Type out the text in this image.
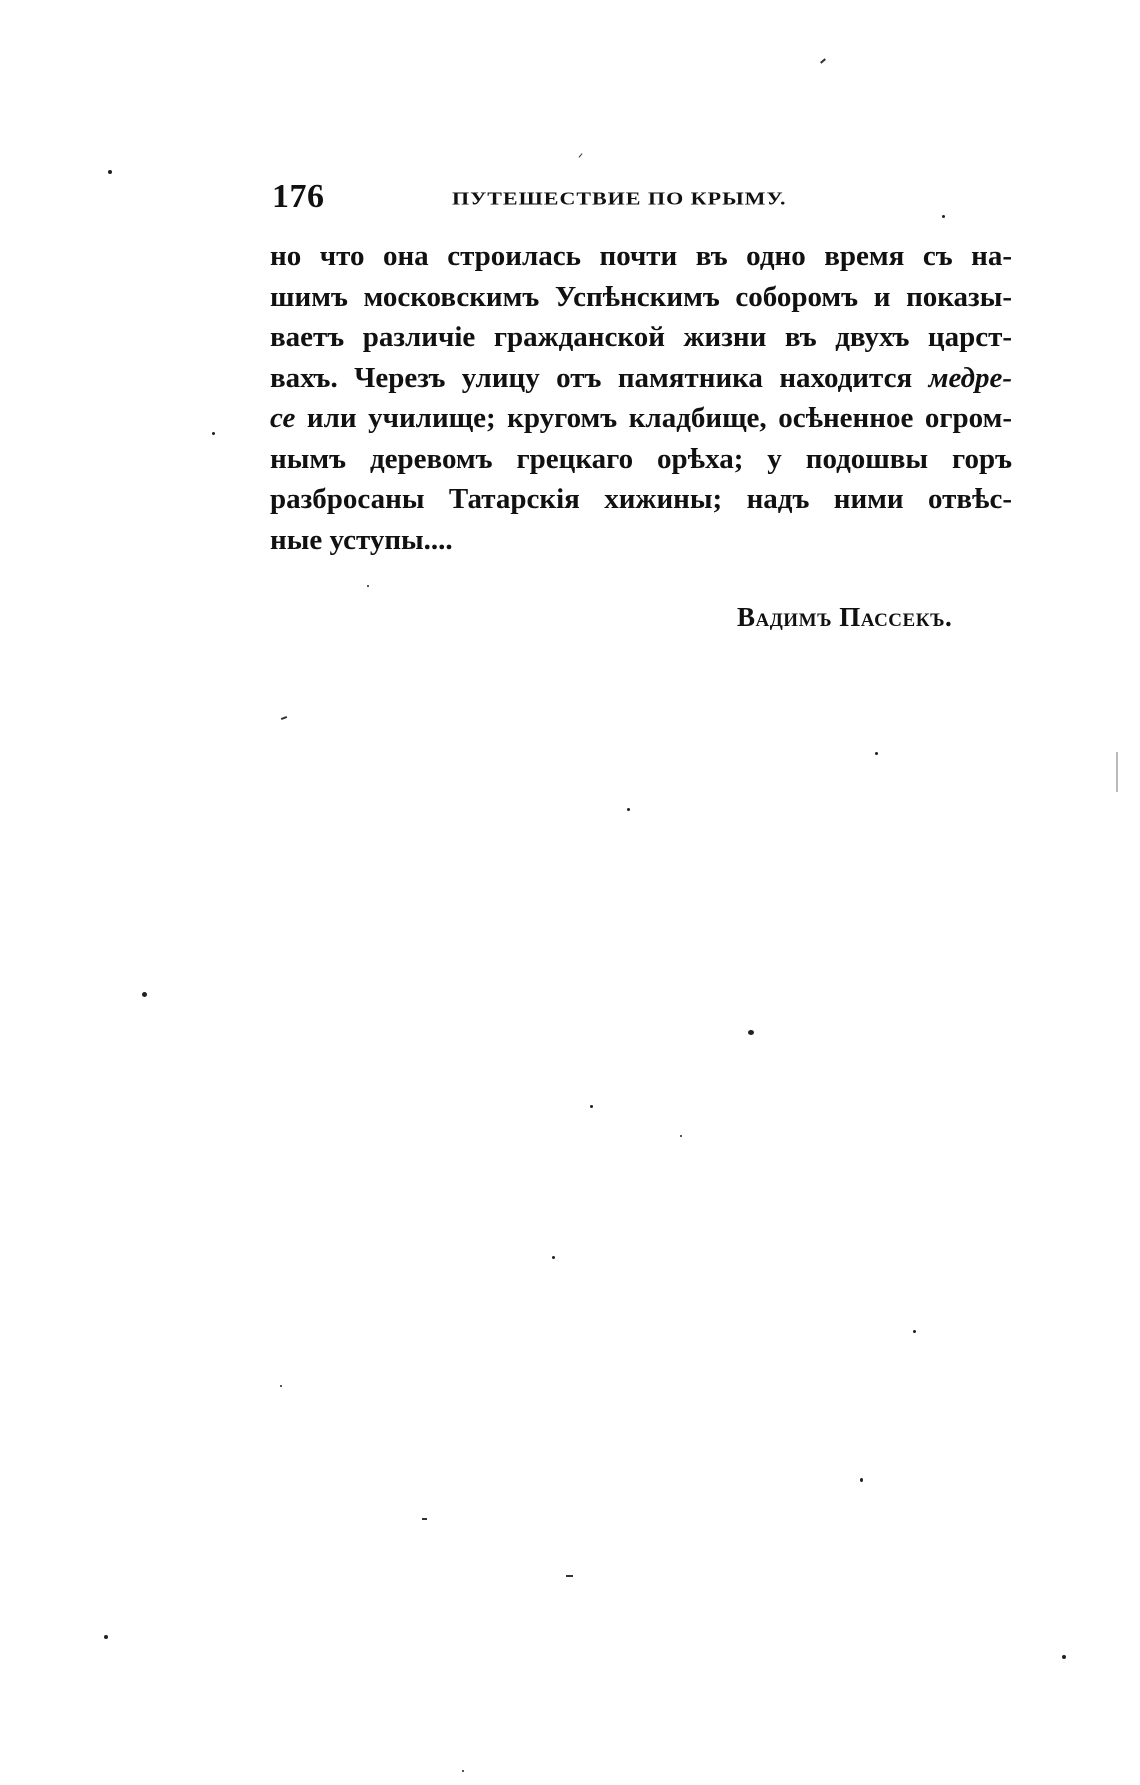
176	ПУТЕШЕСТВИЕ ПО КРЫМУ.
но что она строилась почти въ одно время съ на-
шимъ московскимъ Успѣнскимъ соборомъ и показы-
ваетъ различіе гражданской жизни въ двухъ царст-
вахъ. Черезъ улицу отъ памятника находится медре-
се или училище; кругомъ кладбище, осѣненное огром-
нымъ деревомъ грецкаго орѣха; у подошвы горъ
разбросаны Татарскія хижины; надъ ними отвѣс-
ные уступы....
Вадимъ Пассекъ.
